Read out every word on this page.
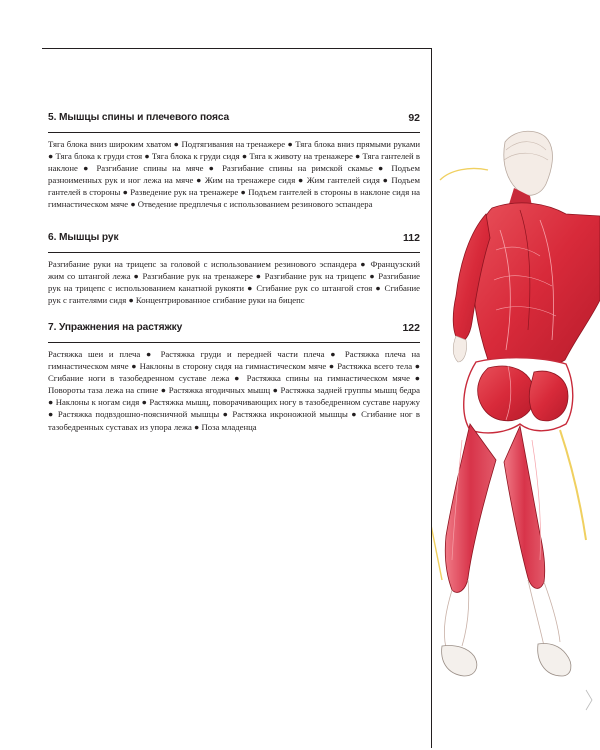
5. Мышцы спины и плечевого пояса	92

Тяга блока вниз широким хватом ● Подтягивания на тренажере ● Тяга блока вниз прямыми руками ● Тяга блока к груди стоя ● Тяга блока к груди сидя ● Тяга к животу на тренажере ● Тяга гантелей в наклоне ● Разгибание спины на мяче ● Разгибание спины на римской скамье ● Подъем разноименных рук и ног лежа на мяче ● Жим на тренажере сидя ● Жим гантелей сидя ● Подъем гантелей в стороны ● Разведение рук на тренажере ● Подъем гантелей в стороны в наклоне сидя на гимнастическом мяче ● Отведение предплечья с использованием резинового эспандера

6. Мышцы рук	112

Разгибание руки на трицепс за головой с использованием резинового эспандера ● Французский жим со штангой лежа ● Разгибание рук на тренажере ● Разгибание рук на трицепс ● Разгибание рук на трицепс с использованием канатной рукояти ● Сгибание рук со штангой стоя ● Сгибание рук с гантелями сидя ● Концентрированное сгибание руки на бицепс

7. Упражнения на растяжку	122

Растяжка шеи и плеча ● Растяжка груди и передней части плеча ● Растяжка плеча на гимнастическом мяче ● Наклоны в сторону сидя на гимнастическом мяче ● Растяжка всего тела ● Сгибание ноги в тазобедренном суставе лежа ● Растяжка спины на гимнастическом мяче ● Повороты таза лежа на спине ● Растяжка ягодичных мышц ● Растяжка задней группы мышц бедра ● Наклоны к ногам сидя ● Растяжка мышц, поворачивающих ногу в тазобедренном суставе наружу ● Растяжка подвздошно-поясничной мышцы ● Растяжка икроножной мышцы ● Сгибание ног в тазобедренных суставах из упора лежа ● Поза младенца
